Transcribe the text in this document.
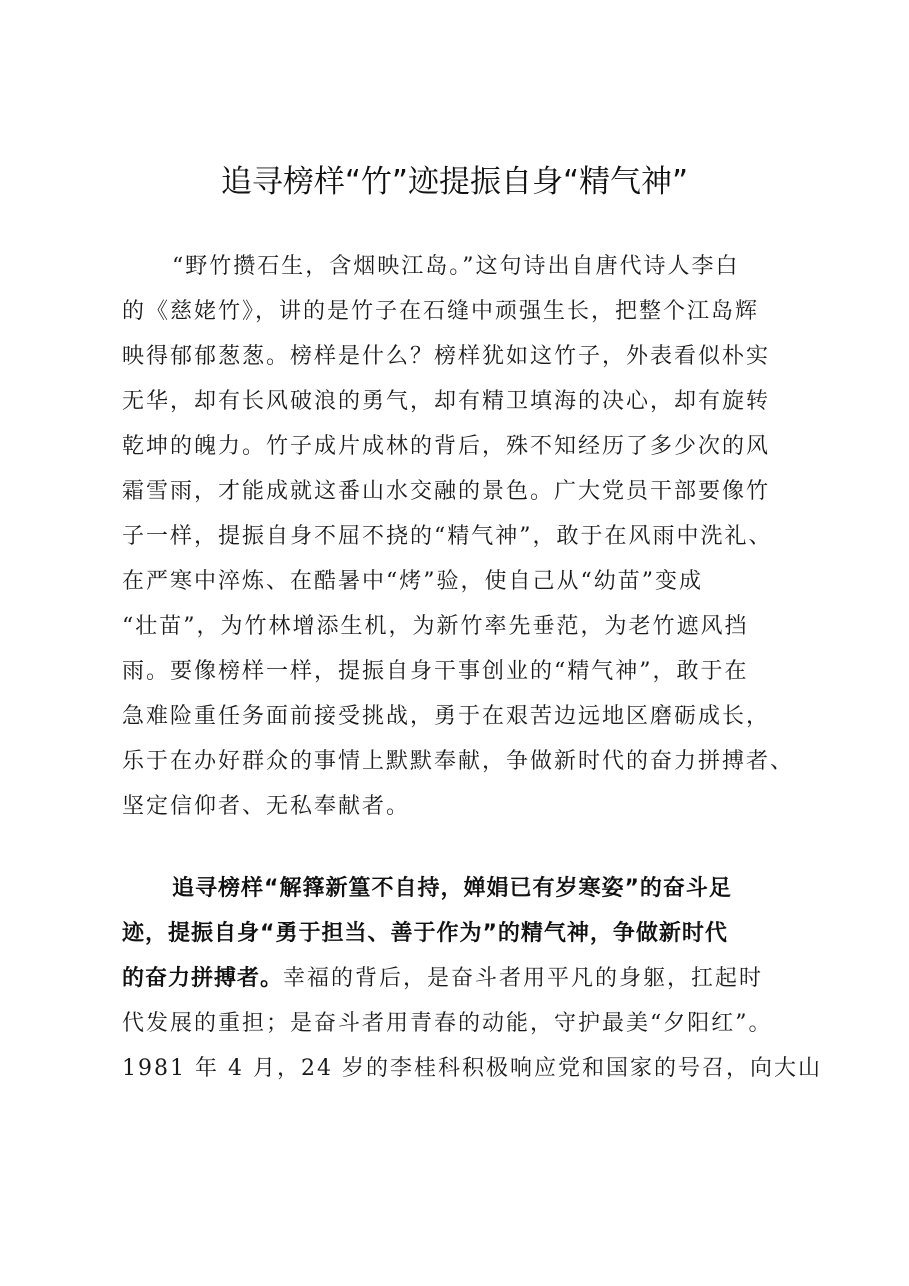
追寻榜样“竹”迹提振自身“精气神”
“野竹攒石生，含烟映江岛。”这句诗出自唐代诗人李白
的《慈姥竹》，讲的是竹子在石缝中顽强生长，把整个江岛辉
映得郁郁葱葱。榜样是什么？榜样犹如这竹子，外表看似朴实
无华，却有长风破浪的勇气，却有精卫填海的决心，却有旋转
乾坤的魄力。竹子成片成林的背后，殊不知经历了多少次的风
霜雪雨，才能成就这番山水交融的景色。广大党员干部要像竹
子一样，提振自身不屈不挠的“精气神”，敢于在风雨中洗礼、
在严寒中淬炼、在酷暑中“烤”验，使自己从“幼苗”变成
“壮苗”，为竹林增添生机，为新竹率先垂范，为老竹遮风挡
雨。要像榜样一样，提振自身干事创业的“精气神”，敢于在
急难险重任务面前接受挑战，勇于在艰苦边远地区磨砺成长，
乐于在办好群众的事情上默默奉献，争做新时代的奋力拼搏者、
坚定信仰者、无私奉献者。
追寻榜样“解箨新篁不自持，婵娟已有岁寒姿”的奋斗足
迹，提振自身“勇于担当、善于作为”的精气神，争做新时代
的奋力拼搏者。幸福的背后，是奋斗者用平凡的身躯，扛起时
代发展的重担；是奋斗者用青春的动能，守护最美“夕阳红”。
1981 年 4 月，24 岁的李桂科积极响应党和国家的号召，向大山
